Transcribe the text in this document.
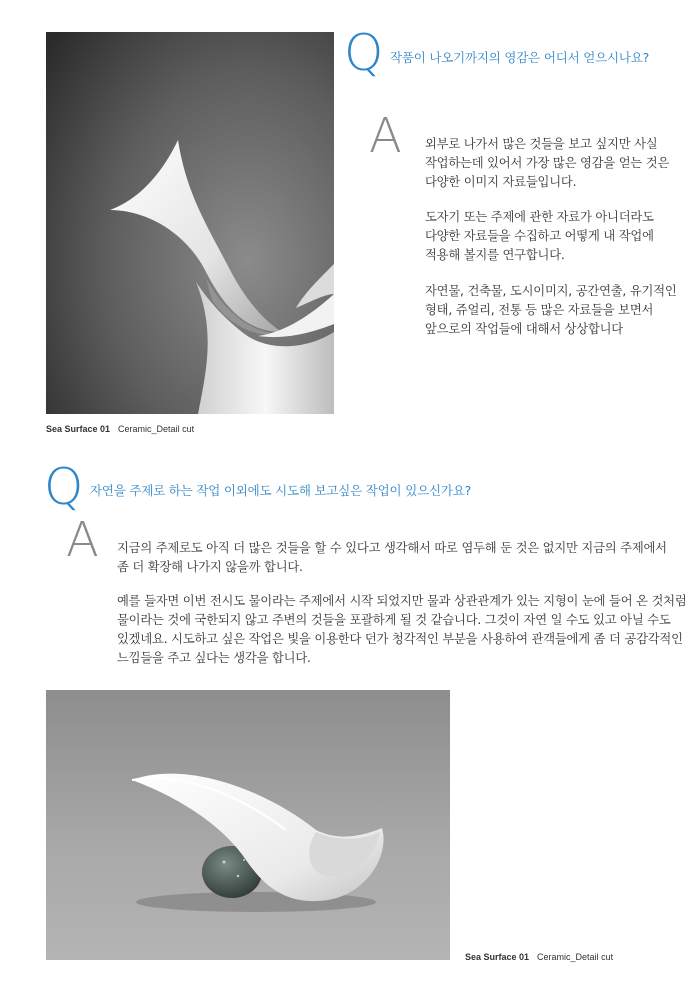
Sea Surface 01 Ceramic_Detail cut
Q 작품이 나오기까지의 영감은 어디서 얻으시나요?
A 외부로 나가서 많은 것들을 보고 싶지만 사실

작업하는데 있어서 가장 많은 영감을 얻는 것은

다양한 이미지 자료들입니다.

도자기 또는 주제에 관한 자료가 아니더라도

다양한 자료들을 수집하고 어떻게 내 작업에

적용해 볼지를 연구합니다.

자연물, 건축물, 도시이미지, 공간연출, 유기적인

형태, 쥬얼리, 전통 등 많은 자료들을 보면서

앞으로의 작업들에 대해서 상상합니다

Q 자연을 주제로 하는 작업 이외에도 시도해 보고싶은 작업이 있으신가요?
A 지금의 주제로도 아직 더 많은 것들을 할 수 있다고 생각해서 따로 염두해 둔 것은 없지만 지금의 주제에서

좀 더 확장해 나가지 않을까 합니다.

예를 들자면 이번 전시도 물이라는 주제에서 시작 되었지만 물과 상관관계가 있는 지형이 눈에 들어 온 것처럼

물이라는 것에 국한되지 않고 주변의 것들을 포괄하게 될 것 같습니다. 그것이 자연 일 수도 있고 아닐 수도

있겠네요. 시도하고 싶은 작업은 빛을 이용한다 던가 청각적인 부분을 사용하여 관객들에게 좀 더 공감각적인

느낌들을 주고 싶다는 생각을 합니다.

Sea Surface 01 Ceramic_Detail cut
